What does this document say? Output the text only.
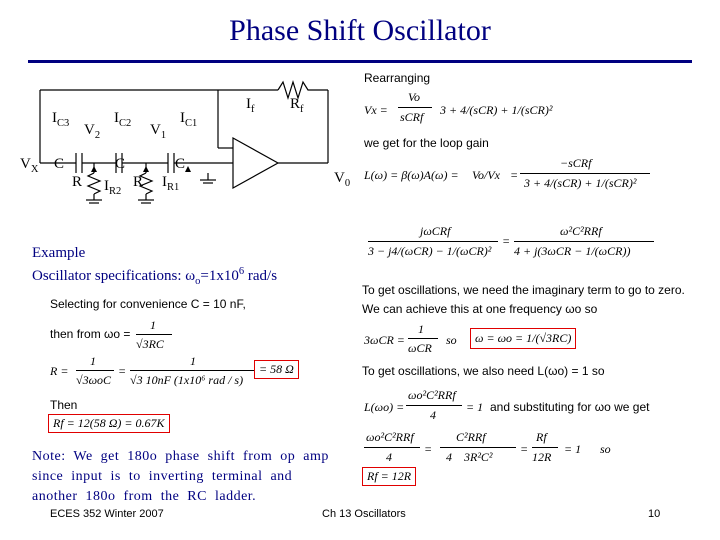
Phase Shift Oscillator
$I_{C3}$ $V_2$
$I_{C2}$ $V_1$
$I_{C1}$
$I_f$ $R_f$
$V_X$ C
R
C
$I_{R2}$
R
C
$I_{R1}$
$V_0$
Example
Oscillator specifications: $\omega_o=1x10^6$ rad/s
Selecting for convenience C = 10 nF,
then from ωo =
1
√3RC
R =
1
√3ωoC
=
1
√3 10nF (1x10⁶ rad / s)
= 58 Ω
Then
Rf = 12(58 Ω) = 0.67K
Rearranging
Vx =
Vo
sCRf 3 + 4/(sCR) + 1/(sCR)²
we get for the loop gain
L(ω) = β(ω)A(ω) = Vo/Vx =
−sCRf
3 + 4/(sCR) + 1/(sCR)²
jωCRf
3 − j4/(ωCR) − 1/(ωCR)²
=
ω²C²RRf
4 + j(3ωCR − 1/(ωCR))
To get oscillations, we need the imaginary term to go to zero.
We can achieve this at one frequency ωo so
3ωCR =
1
ωCR
so	ω = ωo = 1/(√3RC)
To get oscillations, we also need L(ωo) = 1 so
L(ωo) =
ωo²C²RRf
4
= 1 and substituting for ωo we get
ωo²C²RRf
4
=
C²RRf
4    3R²C²
=
Rf
12R
= 1 so
Rf = 12R
Note:  We  get  180o  phase  shift  from  op  amp
since  input  is  to  inverting  terminal  and
another  180o  from  the  RC  ladder.
ECES 352 Winter 2007	Ch 13 Oscillators	10
